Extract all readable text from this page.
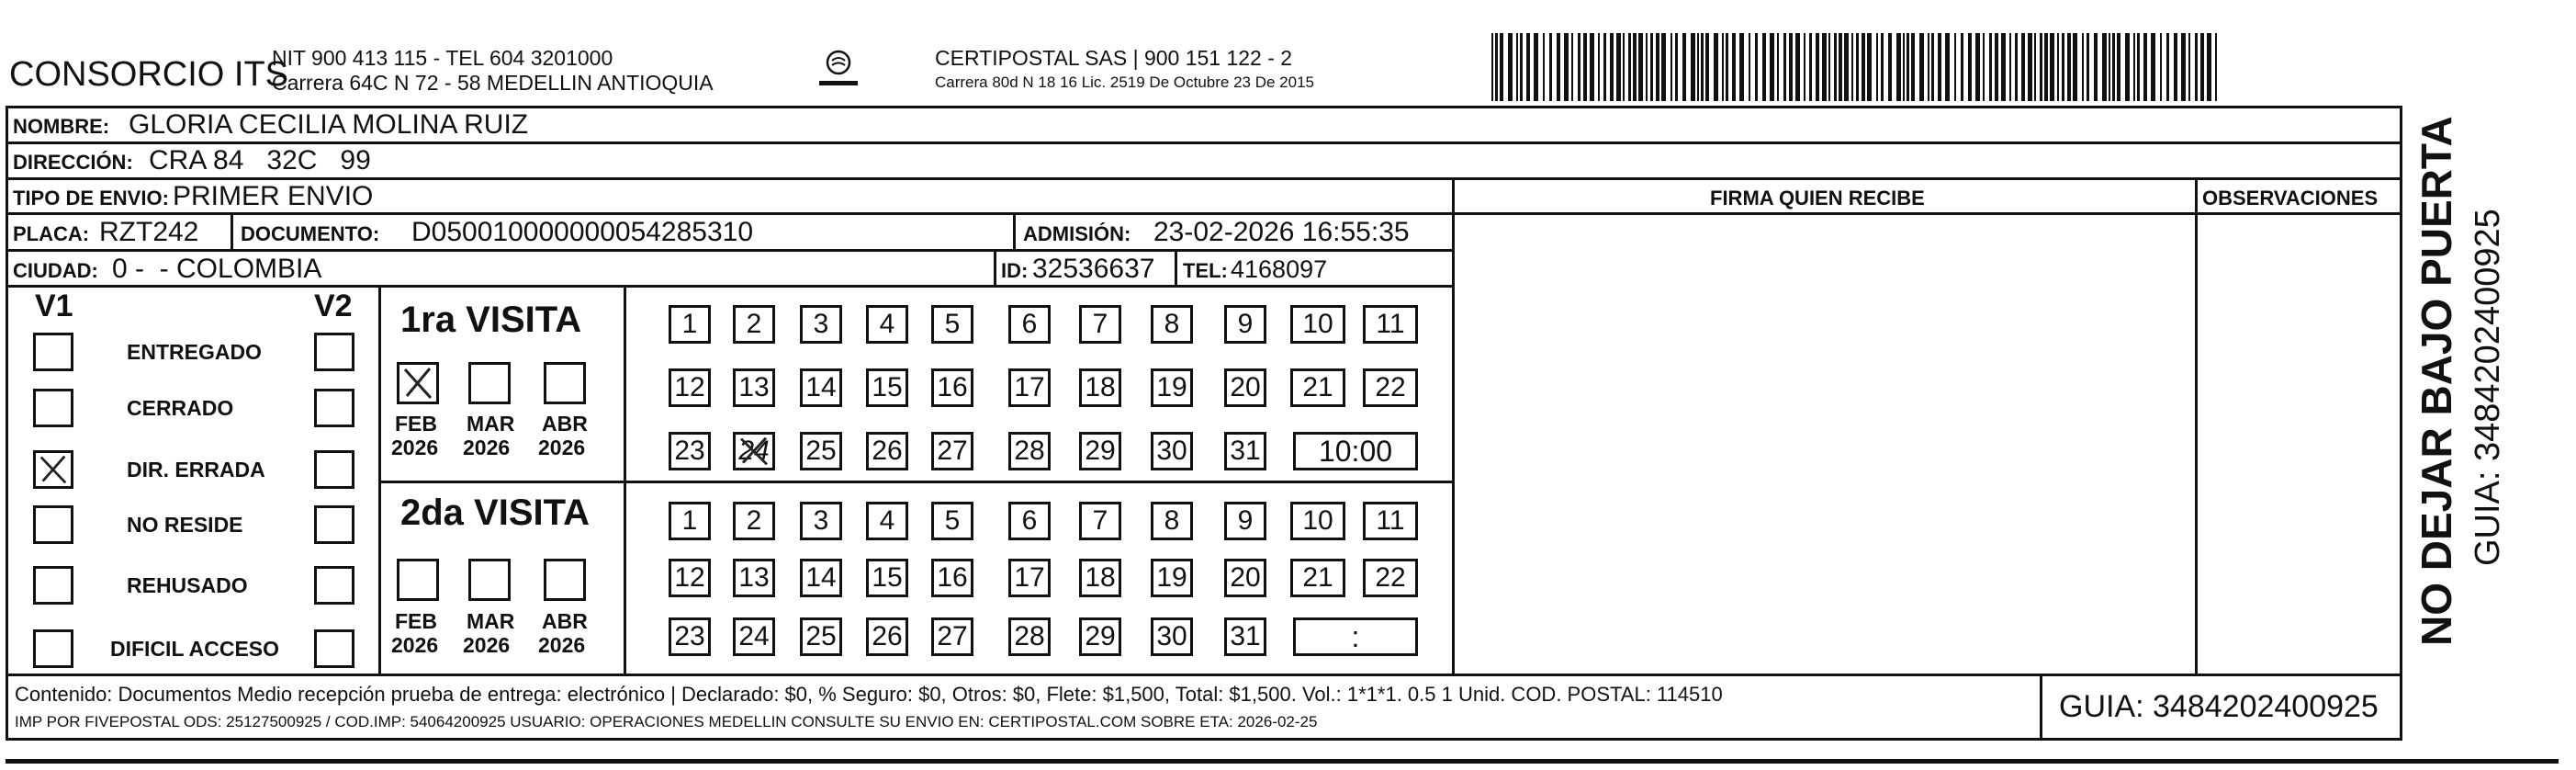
CONSORCIO ITS
NIT 900 413 115 - TEL 604 3201000
Carrera 64C N 72 - 58 MEDELLIN ANTIOQUIA
CERTIPOSTAL SAS | 900 151 122 - 2
Carrera 80d N 18 16 Lic. 2519 De Octubre 23 De 2015
NOMBRE: GLORIA CECILIA MOLINA RUIZ
DIRECCIÓN: CRA 84   32C   99
TIPO DE ENVIO: PRIMER ENVIO	FIRMA QUIEN RECIBE	OBSERVACIONES
PLACA: RZT242 DOCUMENTO: D050010000000054285310	ADMISIÓN: 23-02-2026 16:55:35
CIUDAD: 0 -  - COLOMBIA	ID: 32536637 TEL: 4168097
V1	V2
ENTREGADO
CERRADO
DIR. ERRADA
NO RESIDE
REHUSADO
DIFICIL ACCESO
1ra VISITA
2da VISITA
FEB
2026
MAR
2026
ABR
2026
1	2	3	4	5	6	7	8	9	10	11
12 13 14 15 16 17 18 19 20	21	22
23 24 25 26 27 28 29 30 31	10:00
FEB
2026
MAR
2026
ABR
2026
1	2	3	4	5	6	7	8	9	10	11
12 13 14 15 16 17 18 19 20	21	22
23 24 25 26 27 28 29 30 31	:
Contenido: Documentos Medio recepción prueba de entrega: electrónico | Declarado: $0, % Seguro: $0, Otros: $0, Flete: $1,500, Total: $1,500. Vol.: 1*1*1. 0.5 1 Unid. COD. POSTAL: 114510
IMP POR FIVEPOSTAL ODS: 25127500925 / COD.IMP: 54064200925 USUARIO: OPERACIONES MEDELLIN CONSULTE SU ENVIO EN: CERTIPOSTAL.COM SOBRE ETA: 2026-02-25	GUIA: 3484202400925
NO DEJAR BAJO PUERTA GUIA: 3484202400925
